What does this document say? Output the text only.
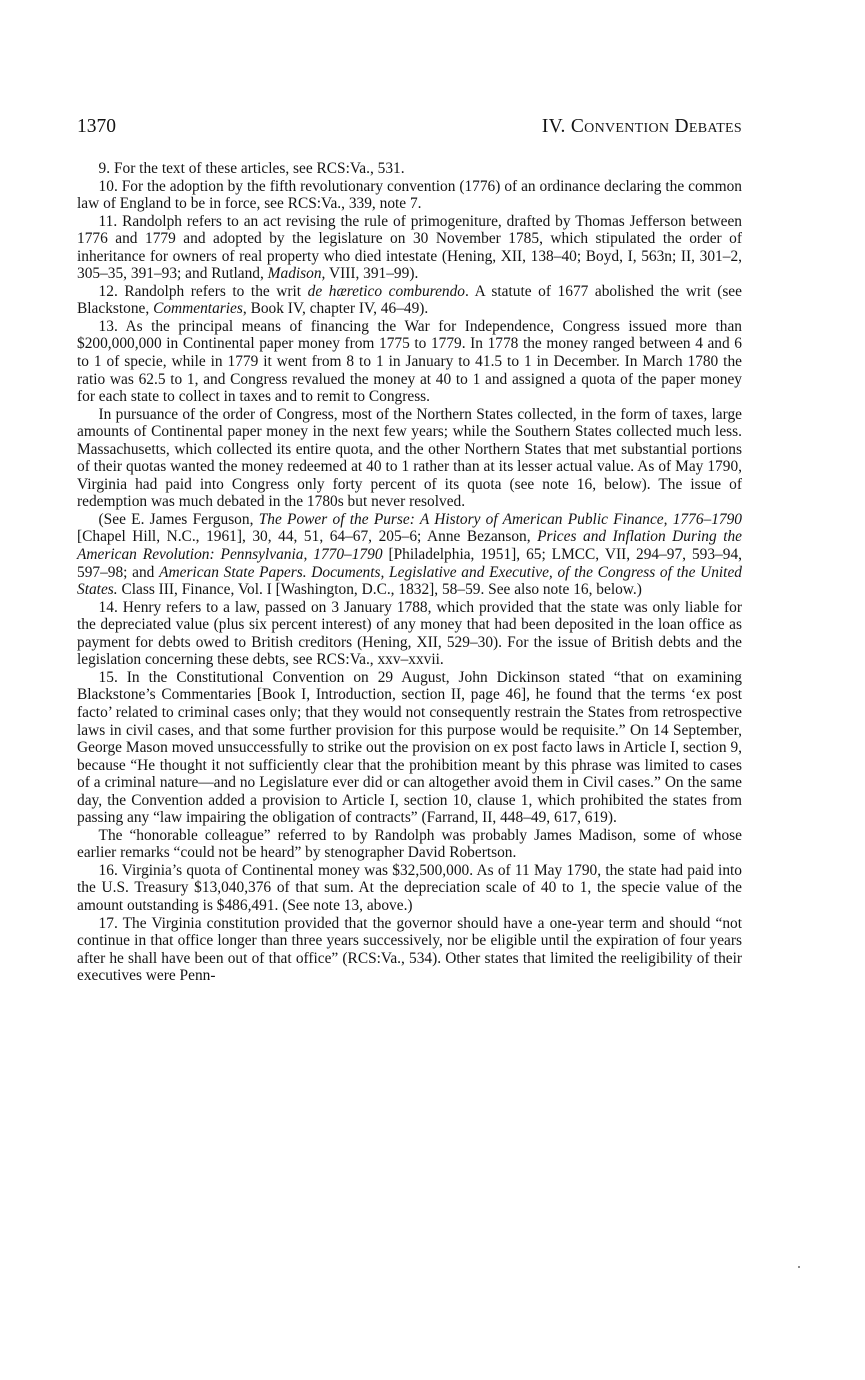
1370	IV. Convention Debates

9. For the text of these articles, see RCS:Va., 531.

10. For the adoption by the fifth revolutionary convention (1776) of an ordinance declaring the common law of England to be in force, see RCS:Va., 339, note 7.

11. Randolph refers to an act revising the rule of primogeniture, drafted by Thomas Jefferson between 1776 and 1779 and adopted by the legislature on 30 November 1785, which stipulated the order of inheritance for owners of real property who died intestate (Hening, XII, 138–40; Boyd, I, 563n; II, 301–2, 305–35, 391–93; and Rutland, Madison, VIII, 391–99).

12. Randolph refers to the writ de hæretico comburendo. A statute of 1677 abolished the writ (see Blackstone, Commentaries, Book IV, chapter IV, 46–49).

13. As the principal means of financing the War for Independence, Congress issued more than $200,000,000 in Continental paper money from 1775 to 1779. In 1778 the money ranged between 4 and 6 to 1 of specie, while in 1779 it went from 8 to 1 in January to 41.5 to 1 in December. In March 1780 the ratio was 62.5 to 1, and Congress revalued the money at 40 to 1 and assigned a quota of the paper money for each state to collect in taxes and to remit to Congress.

In pursuance of the order of Congress, most of the Northern States collected, in the form of taxes, large amounts of Continental paper money in the next few years; while the Southern States collected much less. Massachusetts, which collected its entire quota, and the other Northern States that met substantial portions of their quotas wanted the money redeemed at 40 to 1 rather than at its lesser actual value. As of May 1790, Virginia had paid into Congress only forty percent of its quota (see note 16, below). The issue of redemption was much debated in the 1780s but never resolved.

(See E. James Ferguson, The Power of the Purse: A History of American Public Finance, 1776–1790 [Chapel Hill, N.C., 1961], 30, 44, 51, 64–67, 205–6; Anne Bezanson, Prices and Inflation During the American Revolution: Pennsylvania, 1770–1790 [Philadelphia, 1951], 65; LMCC, VII, 294–97, 593–94, 597–98; and American State Papers. Documents, Legislative and Executive, of the Congress of the United States. Class III, Finance, Vol. I [Washington, D.C., 1832], 58–59. See also note 16, below.)

14. Henry refers to a law, passed on 3 January 1788, which provided that the state was only liable for the depreciated value (plus six percent interest) of any money that had been deposited in the loan office as payment for debts owed to British creditors (Hening, XII, 529–30). For the issue of British debts and the legislation concerning these debts, see RCS:Va., xxv–xxvii.

15. In the Constitutional Convention on 29 August, John Dickinson stated “that on examining Blackstone’s Commentaries [Book I, Introduction, section II, page 46], he found that the terms ‘ex post facto’ related to criminal cases only; that they would not consequently restrain the States from retrospective laws in civil cases, and that some further provision for this purpose would be requisite.” On 14 September, George Mason moved unsuccessfully to strike out the provision on ex post facto laws in Article I, section 9, because “He thought it not sufficiently clear that the prohibition meant by this phrase was limited to cases of a criminal nature—and no Legislature ever did or can altogether avoid them in Civil cases.” On the same day, the Convention added a provision to Article I, section 10, clause 1, which prohibited the states from passing any “law impairing the obligation of contracts” (Farrand, II, 448–49, 617, 619).

The “honorable colleague” referred to by Randolph was probably James Madison, some of whose earlier remarks “could not be heard” by stenographer David Robertson.

16. Virginia’s quota of Continental money was $32,500,000. As of 11 May 1790, the state had paid into the U.S. Treasury $13,040,376 of that sum. At the depreciation scale of 40 to 1, the specie value of the amount outstanding is $486,491. (See note 13, above.)

17. The Virginia constitution provided that the governor should have a one-year term and should “not continue in that office longer than three years successively, nor be eligible until the expiration of four years after he shall have been out of that office” (RCS:Va., 534). Other states that limited the reeligibility of their executives were Penn-
